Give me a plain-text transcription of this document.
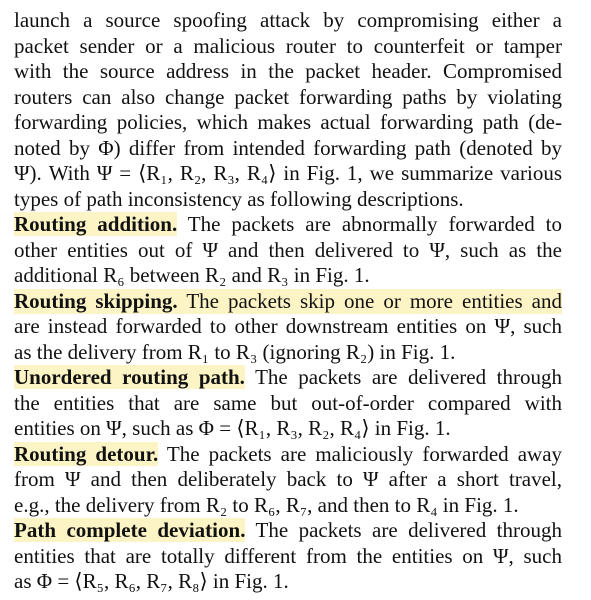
launch a source spoofing attack by compromising either a
packet sender or a malicious router to counterfeit or tamper
with the source address in the packet header. Compromised
routers can also change packet forwarding paths by violating
forwarding policies, which makes actual forwarding path (de-
noted by Φ) differ from intended forwarding path (denoted by
Ψ). With Ψ = ⟨R₁, R₂, R₃, R₄⟩ in Fig. 1, we summarize various
types of path inconsistency as following descriptions.
Routing addition. The packets are abnormally forwarded to
other entities out of Ψ and then delivered to Ψ, such as the
additional R₆ between R₂ and R₃ in Fig. 1.
Routing skipping. The packets skip one or more entities and
are instead forwarded to other downstream entities on Ψ, such
as the delivery from R₁ to R₃ (ignoring R₂) in Fig. 1.
Unordered routing path. The packets are delivered through
the entities that are same but out-of-order compared with
entities on Ψ, such as Φ = ⟨R₁, R₃, R₂, R₄⟩ in Fig. 1.
Routing detour. The packets are maliciously forwarded away
from Ψ and then deliberately back to Ψ after a short travel,
e.g., the delivery from R₂ to R₆, R₇, and then to R₄ in Fig. 1.
Path complete deviation. The packets are delivered through
entities that are totally different from the entities on Ψ, such
as Φ = ⟨R₅, R₆, R₇, R₈⟩ in Fig. 1.
